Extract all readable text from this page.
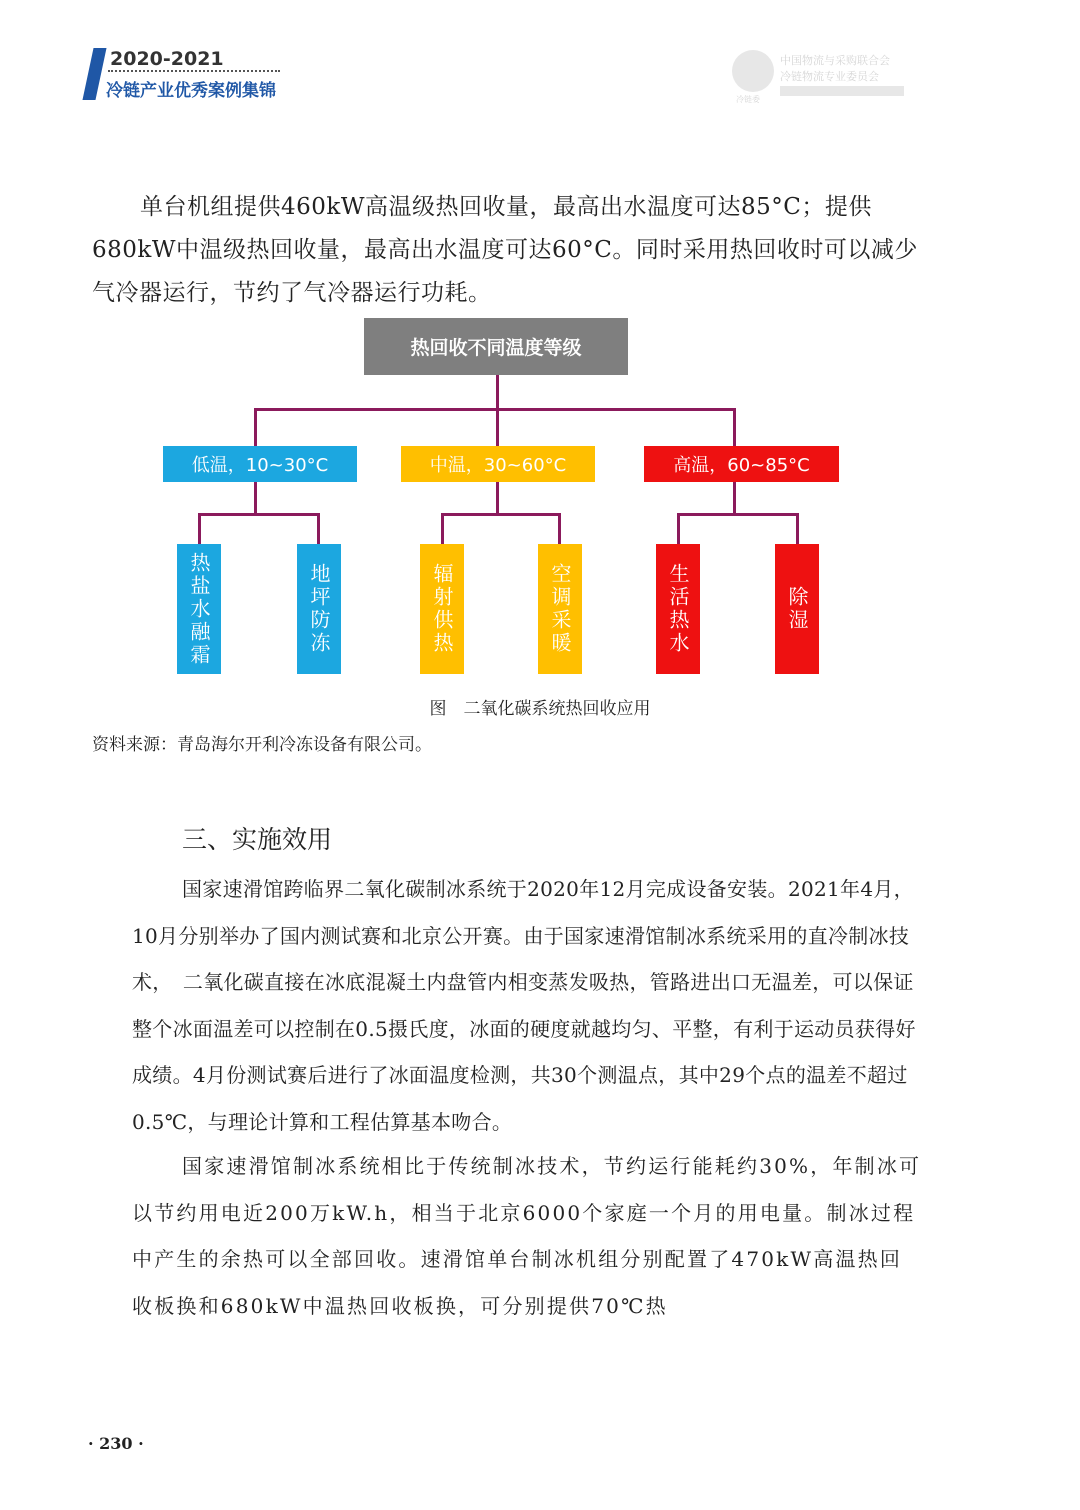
2020-2021
冷链产业优秀案例集锦	冷链委
中国物流与采购联合会
冷链物流专业委员会
单台机组提供460kW高温级热回收量，最高出水温度可达85°C；提供680kW中温级热回收量，最高出水温度可达60°C。同时采用热回收时可以减少气冷器运行，节约了气冷器运行功耗。
热回收不同温度等级
低温，10~30°C	中温，30~60°C	高温，60~85°C
热盐水融霜	地坪防冻	辐射供热	空调采暖	生活热水	除湿
图　二氧化碳系统热回收应用
资料来源：青岛海尔开利冷冻设备有限公司。
三、实施效用
国家速滑馆跨临界二氧化碳制冰系统于2020年12月完成设备安装。2021年4月，10月分别举办了国内测试赛和北京公开赛。由于国家速滑馆制冰系统采用的直冷制冰技术，　二氧化碳直接在冰底混凝土内盘管内相变蒸发吸热，管路进出口无温差，可以保证整个冰面温差可以控制在0.5摄氏度，冰面的硬度就越均匀、平整，有利于运动员获得好成绩。4月份测试赛后进行了冰面温度检测，共30个测温点，其中29个点的温差不超过0.5℃，与理论计算和工程估算基本吻合。
国家速滑馆制冰系统相比于传统制冰技术，节约运行能耗约30%，年制冰可以节约用电近200万kW.h，相当于北京6000个家庭一个月的用电量。制冰过程中产生的余热可以全部回收。速滑馆单台制冰机组分别配置了470kW高温热回收板换和680kW中温热回收板换，可分别提供70℃热
· 230 ·
